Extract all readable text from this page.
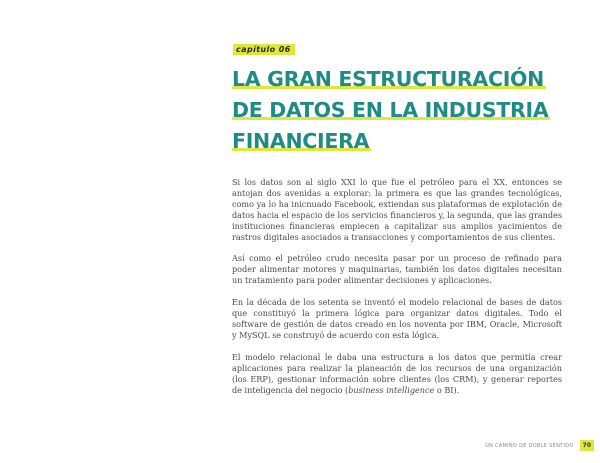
capítulo 06
LA GRAN ESTRUCTURACIÓN
DE DATOS EN LA INDUSTRIA
FINANCIERA

Si los datos son al siglo XXI lo que fue el petróleo para el XX, entonces se antojan dos avenidas a explorar: la primera es que las grandes tecnológicas, como ya lo ha inicnuado Facebook, extiendan sus plataformas de explotación de datos hacia el espacio de los servicios financieros y, la segunda, que las grandes instituciones financieras empiecen a capitalizar sus amplios yacimientos de rastros digitales asociados a transacciones y comportamientos de sus clientes.

Así como el petróleo crudo necesita pasar por un proceso de refinado para poder alimentar motores y maquinarias, también los datos digitales necesitan un tratamiento para poder alimentar decisiones y aplicaciones.

En la década de los setenta se inventó el modelo relacional de bases de datos que constituyó la primera lógica para organizar datos digitales. Todo el software de gestión de datos creado en los noventa por IBM, Oracle, Microsoft y MySQL se construyó de acuerdo con esta lógica.

El modelo relacional le daba una estructura a los datos que permitía crear aplicaciones para realizar la planeación de los recursos de una organización (los ERP), gestionar información sobre clientes (los CRM), y generar reportes de inteligencia del negocio (business intelligence o BI).

UN CAMINO DE DOBLE SENTIDO	70
